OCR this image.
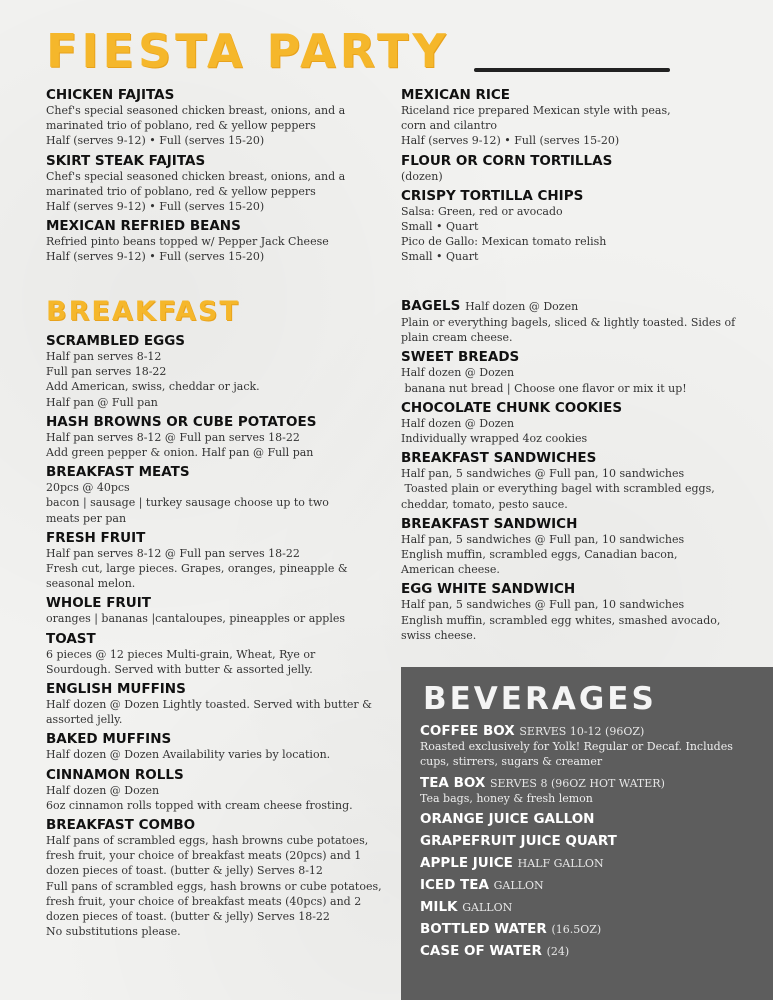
FIESTA PARTY
BREAKFAST
CHICKEN FAJITAS
Chef's special seasoned chicken breast, onions, and a
marinated trio of poblano, red & yellow peppers
Half (serves 9-12) • Full (serves 15-20)
SKIRT STEAK FAJITAS
Chef's special seasoned chicken breast, onions, and a
marinated trio of poblano, red & yellow peppers
Half (serves 9-12) • Full (serves 15-20)
MEXICAN REFRIED BEANS
Refried pinto beans topped w/ Pepper Jack Cheese
Half (serves 9-12) • Full (serves 15-20)
MEXICAN RICE
Riceland rice prepared Mexican style with peas,
corn and cilantro
Half (serves 9-12) • Full (serves 15-20)
FLOUR OR CORN TORTILLAS
(dozen)
CRISPY TORTILLA CHIPS
Salsa: Green, red or avocado
Small • Quart
Pico de Gallo: Mexican tomato relish
Small • Quart
SCRAMBLED EGGS
Half pan serves 8-12
Full pan serves 18-22
Add American, swiss, cheddar or jack.
Half pan @ Full pan
HASH BROWNS OR CUBE POTATOES
Half pan serves 8-12 @ Full pan serves 18-22
Add green pepper & onion. Half pan @ Full pan
BREAKFAST MEATS
20pcs @ 40pcs
bacon | sausage | turkey sausage choose up to two
meats per pan
FRESH FRUIT
Half pan serves 8-12 @ Full pan serves 18-22
Fresh cut, large pieces. Grapes, oranges, pineapple &
seasonal melon.
WHOLE FRUIT
oranges | bananas |cantaloupes, pineapples or apples
TOAST
6 pieces @ 12 pieces Multi-grain, Wheat, Rye or
Sourdough. Served with butter & assorted jelly.
ENGLISH MUFFINS
Half dozen @ Dozen Lightly toasted. Served with butter &
assorted jelly.
BAKED MUFFINS
Half dozen @ Dozen Availability varies by location.
CINNAMON ROLLS
Half dozen @ Dozen
6oz cinnamon rolls topped with cream cheese frosting.
BREAKFAST COMBO
Half pans of scrambled eggs, hash browns cube potatoes,
fresh fruit, your choice of breakfast meats (20pcs) and 1
dozen pieces of toast. (butter & jelly) Serves 8-12
Full pans of scrambled eggs, hash browns or cube potatoes,
fresh fruit, your choice of breakfast meats (40pcs) and 2
dozen pieces of toast. (butter & jelly) Serves 18-22
No substitutions please.
BAGELS Half dozen @ Dozen
Plain or everything bagels, sliced & lightly toasted. Sides of
plain cream cheese.
SWEET BREADS
Half dozen @ Dozen
banana nut bread | Choose one flavor or mix it up!
CHOCOLATE CHUNK COOKIES
Half dozen @ Dozen
Individually wrapped 4oz cookies
BREAKFAST SANDWICHES
Half pan, 5 sandwiches @ Full pan, 10 sandwiches
Toasted plain or everything bagel with scrambled eggs,
cheddar, tomato, pesto sauce.
BREAKFAST SANDWICH
Half pan, 5 sandwiches @ Full pan, 10 sandwiches
English muffin, scrambled eggs, Canadian bacon,
American cheese.
EGG WHITE SANDWICH
Half pan, 5 sandwiches @ Full pan, 10 sandwiches
English muffin, scrambled egg whites, smashed avocado,
swiss cheese.
BEVERAGES
COFFEE BOX SERVES 10-12 (96OZ)
Roasted exclusively for Yolk! Regular or Decaf. Includes
cups, stirrers, sugars & creamer
TEA BOX SERVES 8 (96OZ HOT WATER)
Tea bags, honey & fresh lemon
ORANGE JUICE GALLON
GRAPEFRUIT JUICE QUART
APPLE JUICE HALF GALLON
ICED TEA GALLON
MILK GALLON
BOTTLED WATER (16.5OZ)
CASE OF WATER (24)
